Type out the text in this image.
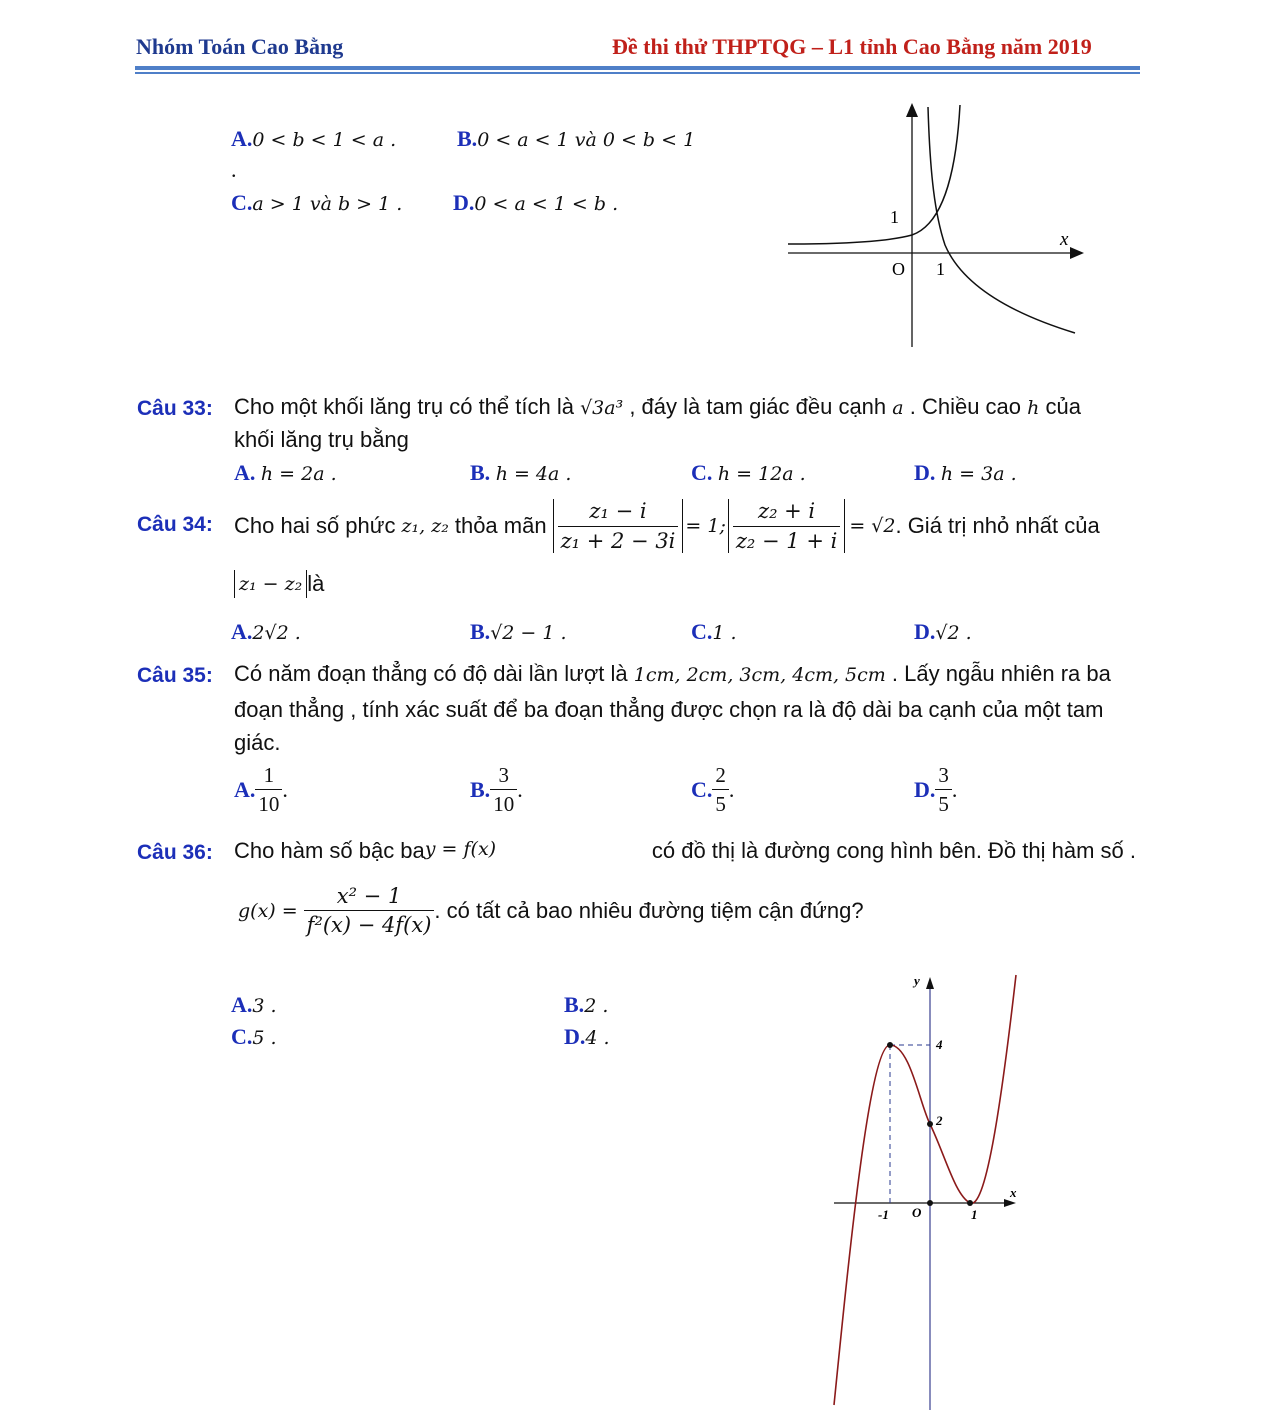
Nhóm Toán Cao Bằng	Đề thi thử THPTQG – L1 tỉnh Cao Bằng năm 2019
A.0 < b < 1 < a .	B.0 < a < 1 và 0 < b < 1
.
C.a > 1 và b > 1 . D.0 < a < 1 < b .
1
x
O 1
Câu 33: Cho một khối lăng trụ có thể tích là √3a³ , đáy là tam giác đều cạnh a . Chiều cao h của
khối lăng trụ bằng
A. h = 2a .	B. h = 4a .	C. h = 12a .	D. h = 3a .
Câu 34: Cho hai số phức z₁, z₂ thỏa mãn $\frac{\text{z₁ − i}}{\text{z₁ + 2 − 3i}} = 1$; $\frac{\text{z₂ + i}}{\text{z₂ − 1 + i}} = √2$ . Giá trị nhỏ nhất của
z₁ − z₂ là
A.2√2 .	B.√2 − 1 .	C.1 .	D.√2 .
Câu 35: Có năm đoạn thẳng có độ dài lần lượt là 1cm, 2cm, 3cm, 4cm, 5cm . Lấy ngẫu nhiên ra ba
đoạn thẳng , tính xác suất để ba đoạn thẳng được chọn ra là độ dài ba cạnh của một tam
giác.
A. $\frac{1}{10}$ .	B. $\frac{3}{10}$ .	C. $\frac{2}{5}$ .	D. $\frac{3}{5}$ .
Câu 36: Cho hàm số bậc ba y = f(x)	có đồ thị là đường cong hình bên. Đồ thị hàm số .
$g(x) = \frac{\text{x² − 1}}{\text{f²(x) − 4f(x)}}$ . có tất cả bao nhiêu đường tiệm cận đứng?
A.3 .	B.2 .
C.5 .	D.4 .
y
4
2
x
-1 O	1
